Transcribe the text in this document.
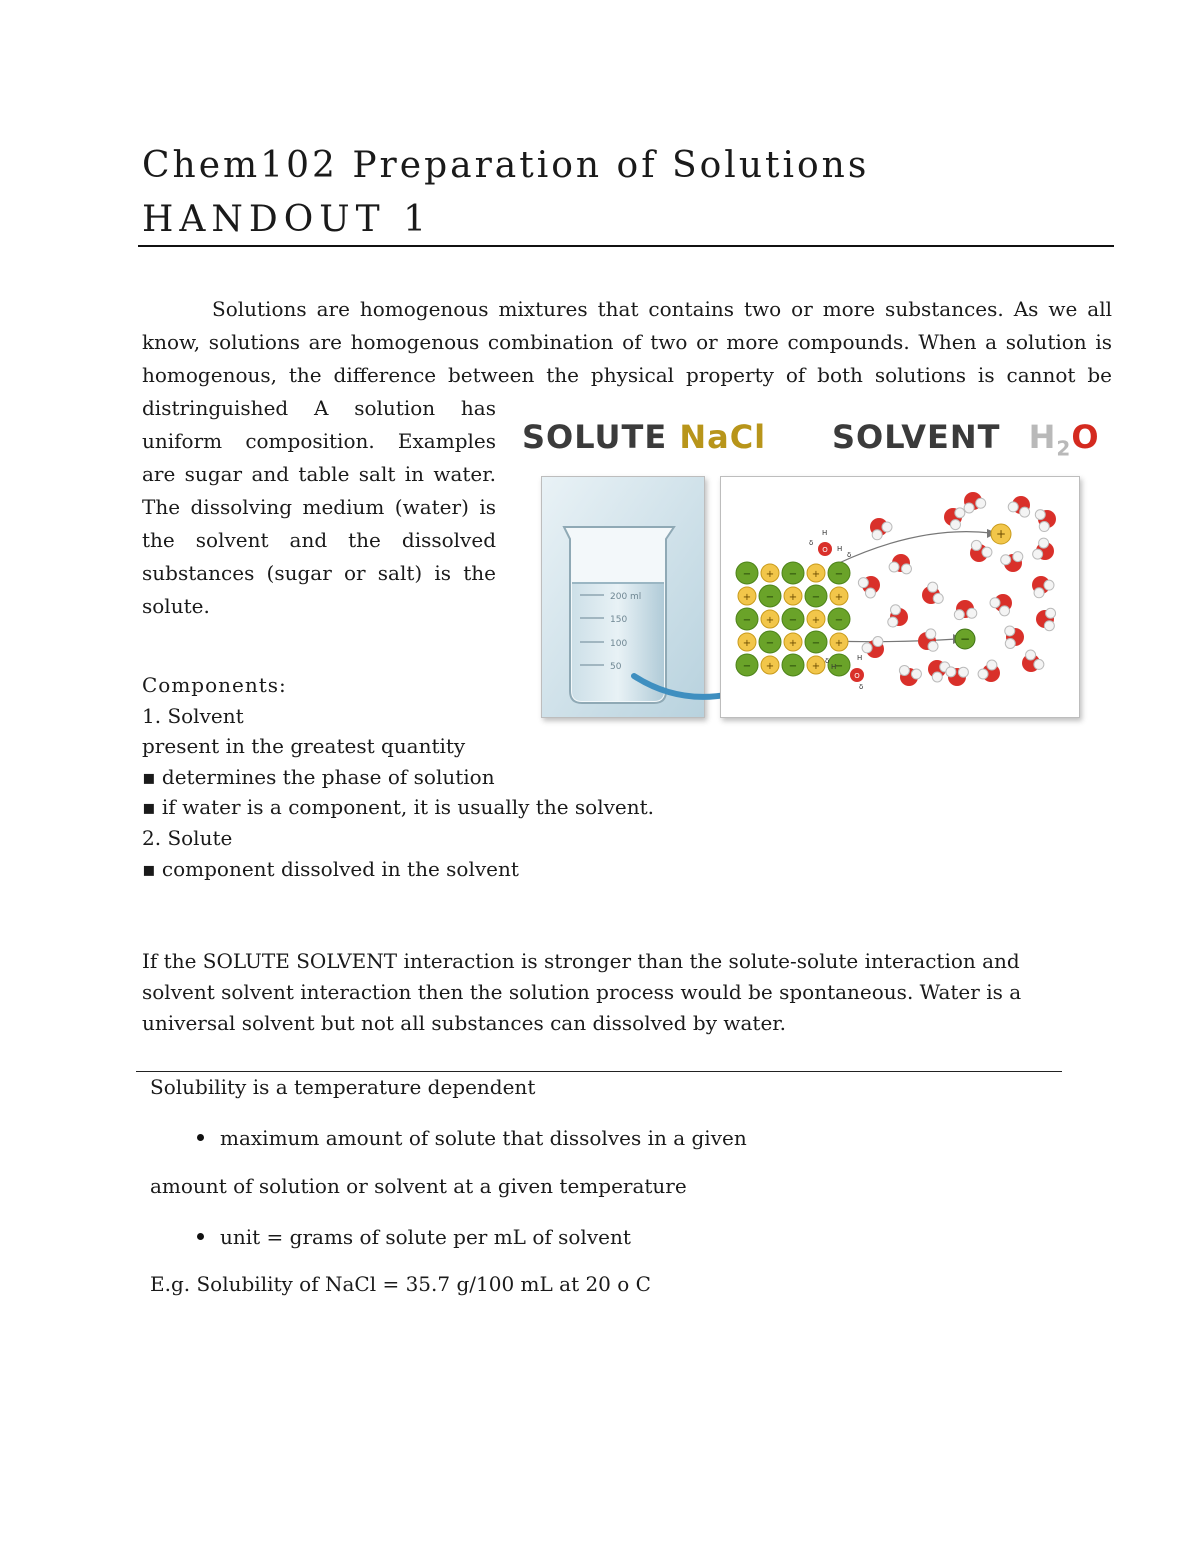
Chem102 Preparation of Solutions
HANDOUT 1

Solutions are homogenous mixtures that contains two or more substances. As we all

know, solutions are homogenous combination of two or more compounds. When a solution is

homogenous, the difference between the physical property of both solutions is cannot be

distringuished A solution has
uniform composition. Examples
are sugar and table salt in water.
The dissolving medium (water) is
the solvent and the dissolved
substances (sugar or salt) is the
solute.
SOLUTE NaCl SOLVENT $H_2O$
200 ml
150
100
50
− + − + −
+ − + − +
− + − + −
+ − + − +
− + − + −
+
−
O
H
H
δ
δ
O
H
H
δ
δ
Components:
1. Solvent
present in the greatest quantity
▪ determines the phase of solution
▪ if water is a component, it is usually the solvent.
2. Solute
▪ component dissolved in the solvent
If the SOLUTE SOLVENT interaction is stronger than the solute-solute interaction and
solvent solvent interaction then the solution process would be spontaneous. Water is a
universal solvent but not all substances can dissolved by water.
Solubility is a temperature dependent
maximum amount of solute that dissolves in a given
amount of solution or solvent at a given temperature
unit = grams of solute per mL of solvent
E.g. Solubility of NaCl = 35.7 g/100 mL at 20 o C
